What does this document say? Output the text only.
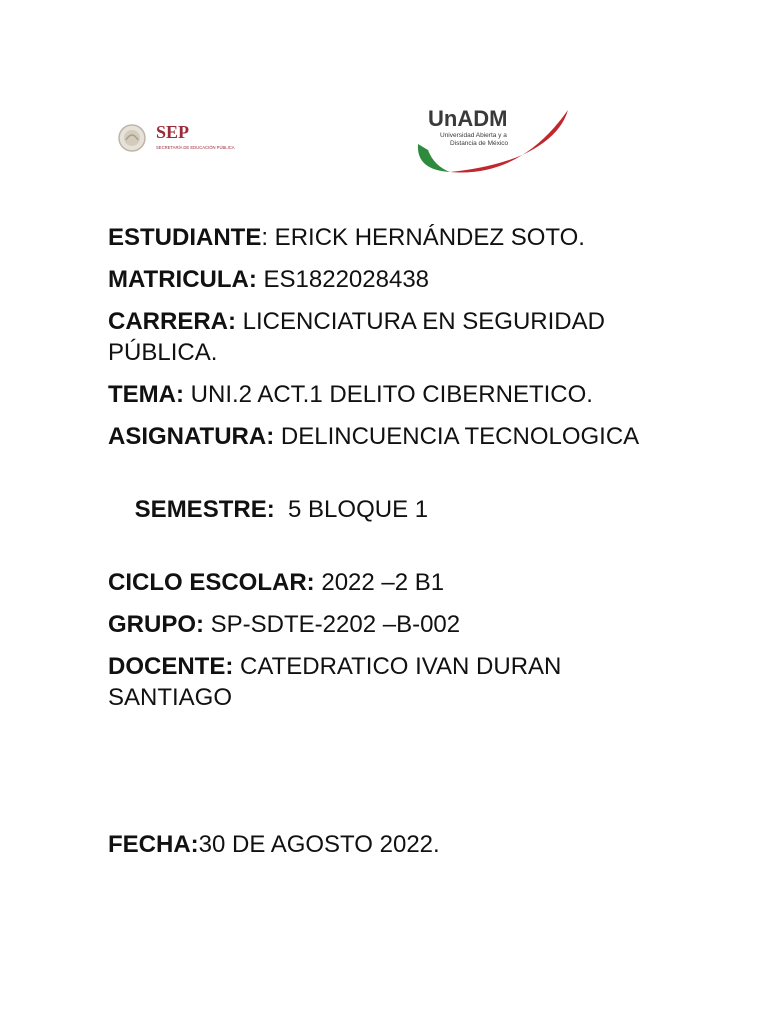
SEP
SECRETARÍA DE EDUCACIÓN PÚBLICA
UnADM
Universidad Abierta y a
Distancia de México
ESTUDIANTE: ERICK HERNÁNDEZ SOTO.
MATRICULA: ES1822028438
CARRERA: LICENCIATURA EN SEGURIDAD PÚBLICA.
TEMA: UNI.2 ACT.1 DELITO CIBERNETICO.
ASIGNATURA: DELINCUENCIA TECNOLOGICA

SEMESTRE:  5 BLOQUE 1

CICLO ESCOLAR: 2022 –2 B1
GRUPO: SP-SDTE-2202 –B-002
DOCENTE: CATEDRATICO IVAN DURAN SANTIAGO
FECHA:30 DE AGOSTO 2022.
